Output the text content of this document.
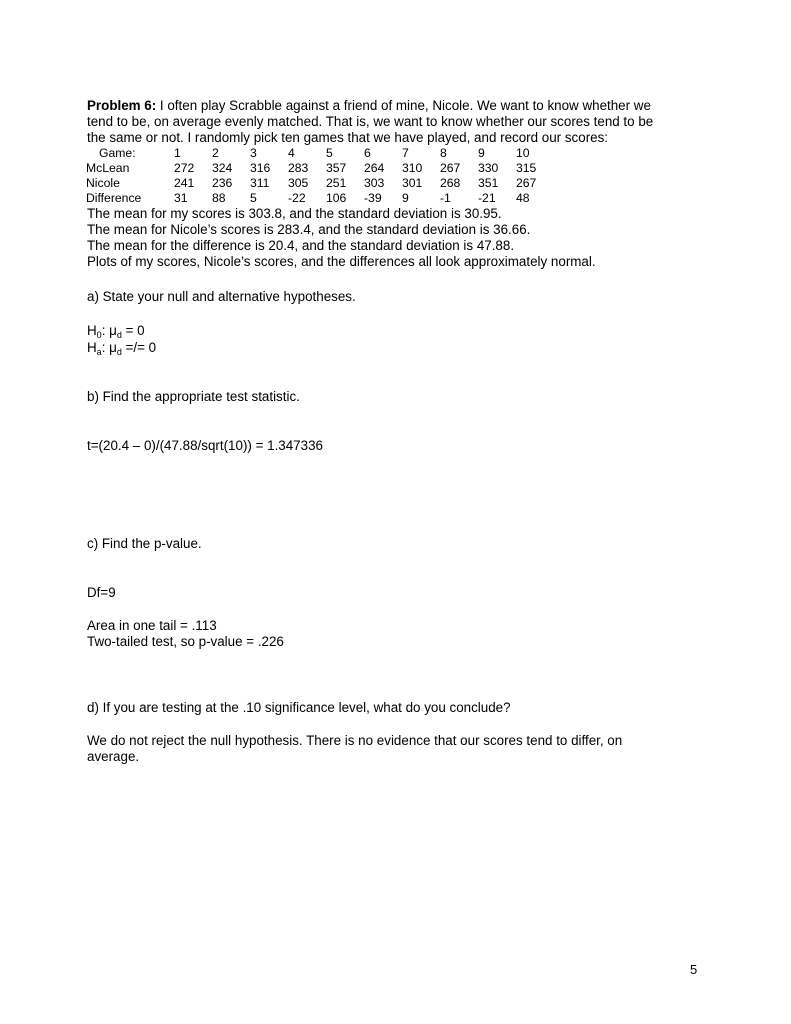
Problem 6: I often play Scrabble against a friend of mine, Nicole. We want to know whether we
tend to be, on average evenly matched. That is, we want to know whether our scores tend to be
the same or not. I randomly pick ten games that we have played, and record our scores:
Game:	1	2	3	4	5	6	7	8	9	10
McLean	272	324	316	283	357	264	310	267	330	315
Nicole	241	236	311	305	251	303	301	268	351	267
Difference	31	88	5	-22	106	-39	9	-1	-21	48
The mean for my scores is 303.8, and the standard deviation is 30.95.
The mean for Nicole’s scores is 283.4, and the standard deviation is 36.66.
The mean for the difference is 20.4, and the standard deviation is 47.88.
Plots of my scores, Nicole’s scores, and the differences all look approximately normal.
a) State your null and alternative hypotheses.
$H_0$: $\mu_d = 0$
$H_a$: $\mu_d$ =/= 0
b) Find the appropriate test statistic.
t=(20.4 – 0)/(47.88/sqrt(10)) = 1.347336
c) Find the p-value.
Df=9
Area in one tail = .113
Two-tailed test, so p-value = .226
d) If you are testing at the .10 significance level, what do you conclude?
We do not reject the null hypothesis. There is no evidence that our scores tend to differ, on average.
5
